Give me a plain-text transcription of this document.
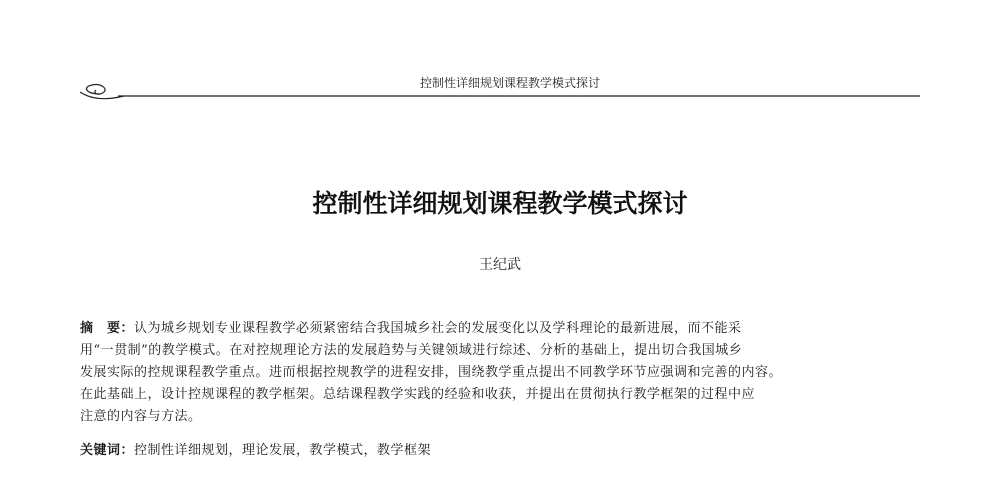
控制性详细规划课程教学模式探讨
控制性详细规划课程教学模式探讨
王纪武
摘　要：认为城乡规划专业课程教学必须紧密结合我国城乡社会的发展变化以及学科理论的最新进展，而不能采
用“一贯制”的教学模式。在对控规理论方法的发展趋势与关键领域进行综述、分析的基础上，提出切合我国城乡
发展实际的控规课程教学重点。进而根据控规教学的进程安排，围绕教学重点提出不同教学环节应强调和完善的内容。
在此基础上，设计控规课程的教学框架。总结课程教学实践的经验和收获，并提出在贯彻执行教学框架的过程中应
注意的内容与方法。
关键词：控制性详细规划，理论发展，教学模式，教学框架
